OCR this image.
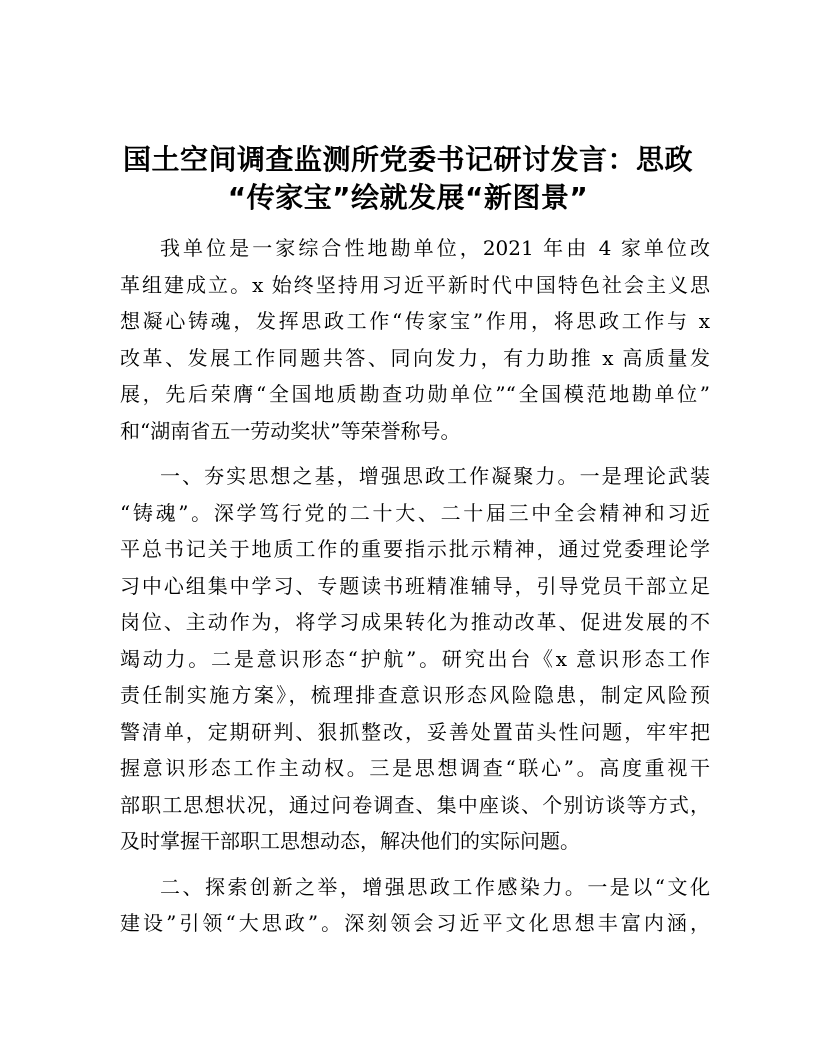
国土空间调查监测所党委书记研讨发言：思政
“传家宝”绘就发展“新图景”
我单位是一家综合性地勘单位，2021 年由 4 家单位改
革组建成立。x 始终坚持用习近平新时代中国特色社会主义思
想凝心铸魂，发挥思政工作“传家宝”作用，将思政工作与 x
改革、发展工作同题共答、同向发力，有力助推 x 高质量发
展，先后荣膺“全国地质勘查功勋单位”“全国模范地勘单位”
和“湖南省五一劳动奖状”等荣誉称号。
一、夯实思想之基，增强思政工作凝聚力。一是理论武装
“铸魂”。深学笃行党的二十大、二十届三中全会精神和习近
平总书记关于地质工作的重要指示批示精神，通过党委理论学
习中心组集中学习、专题读书班精准辅导，引导党员干部立足
岗位、主动作为，将学习成果转化为推动改革、促进发展的不
竭动力。二是意识形态“护航”。研究出台《x 意识形态工作
责任制实施方案》，梳理排查意识形态风险隐患，制定风险预
警清单，定期研判、狠抓整改，妥善处置苗头性问题，牢牢把
握意识形态工作主动权。三是思想调查“联心”。高度重视干
部职工思想状况，通过问卷调查、集中座谈、个别访谈等方式，
及时掌握干部职工思想动态，解决他们的实际问题。
二、探索创新之举，增强思政工作感染力。一是以“文化
建设”引领“大思政”。深刻领会习近平文化思想丰富内涵，
